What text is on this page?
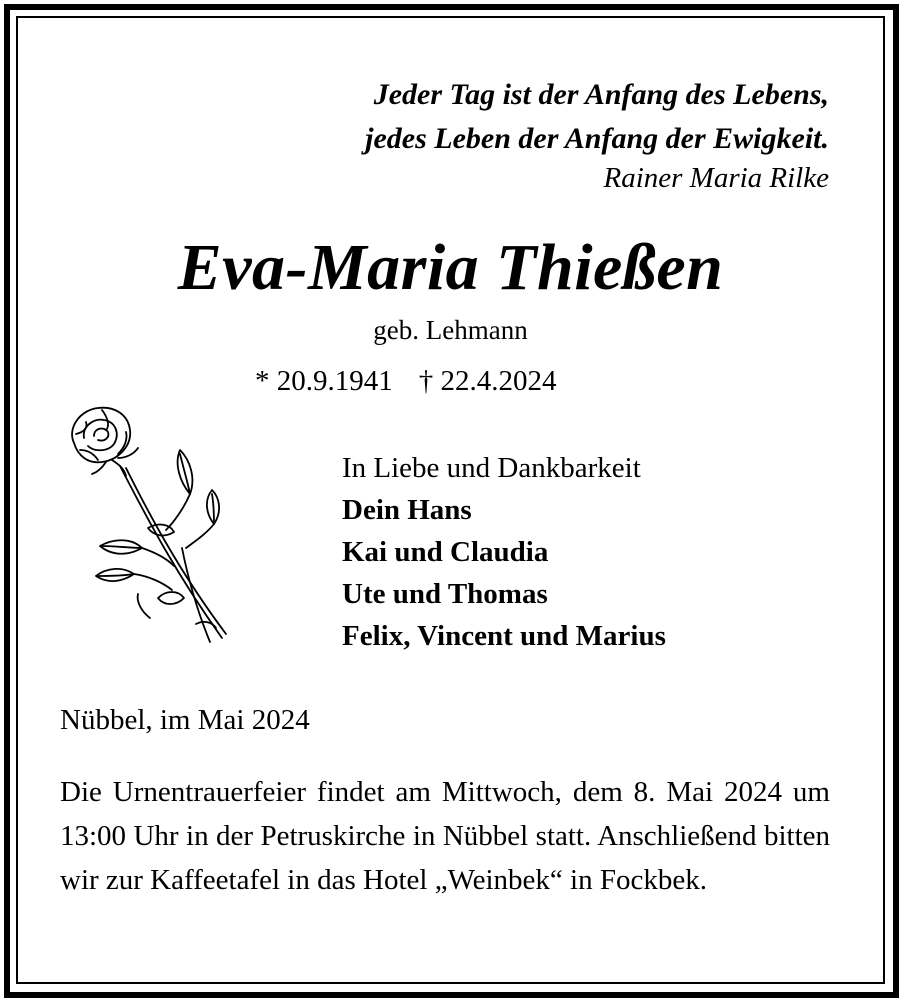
Jeder Tag ist der Anfang des Lebens,
jedes Leben der Anfang der Ewigkeit.
Rainer Maria Rilke
Eva-Maria Thießen
geb. Lehmann
* 20.9.1941 † 22.4.2024
In Liebe und Dankbarkeit
Dein Hans
Kai und Claudia
Ute und Thomas
Felix, Vincent und Marius
Nübbel, im Mai 2024
Die Urnentrauerfeier findet am Mittwoch, dem 8. Mai 2024 um 13:00 Uhr in der Petruskirche in Nübbel statt. Anschließend bitten wir zur Kaffeetafel in das Hotel „Weinbek“ in Fockbek.
